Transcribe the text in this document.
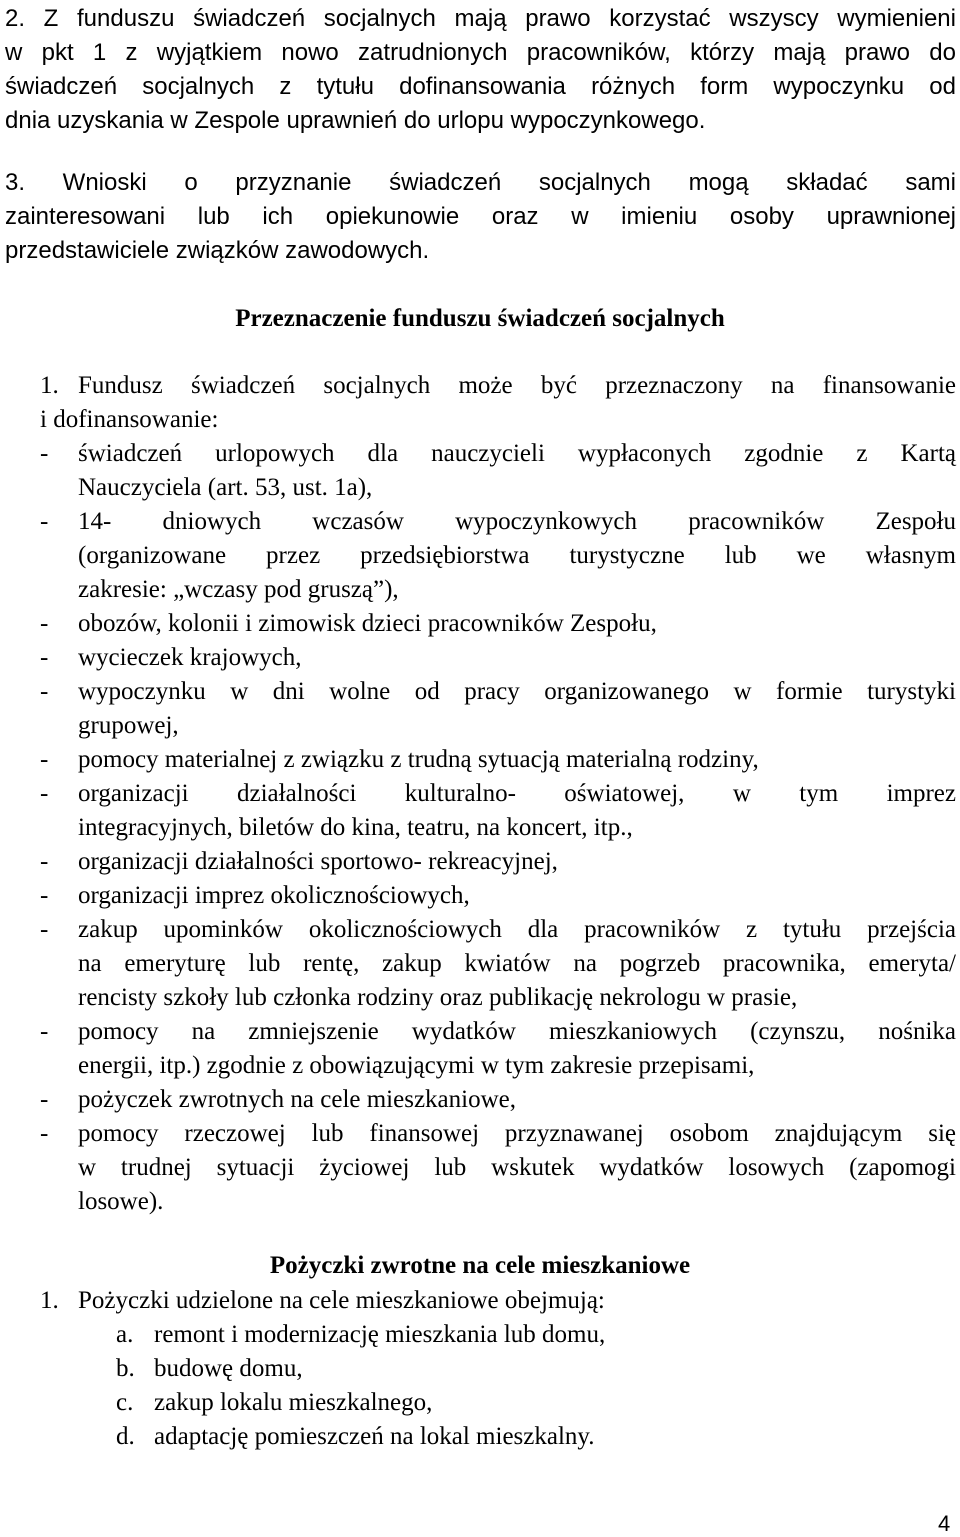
2. Z funduszu świadczeń socjalnych mają prawo korzystać wszyscy wymienieni

w pkt 1 z wyjątkiem nowo zatrudnionych pracowników, którzy mają prawo do

świadczeń socjalnych z tytułu dofinansowania różnych form wypoczynku od

dnia uzyskania w Zespole uprawnień do urlopu wypoczynkowego.

3. Wnioski o przyznanie świadczeń socjalnych mogą składać sami

zainteresowani lub ich opiekunowie oraz w imieniu osoby uprawnionej

przedstawiciele związków zawodowych.

Przeznaczenie funduszu świadczeń socjalnych
1. Fundusz świadczeń socjalnych może być przeznaczony na finansowanie

i dofinansowanie:

- świadczeń urlopowych dla nauczycieli wypłaconych zgodnie z Kartą

Nauczyciela (art. 53, ust. 1a),

- 14- dniowych wczasów wypoczynkowych pracowników Zespołu

(organizowane przez przedsiębiorstwa turystyczne lub we własnym

zakresie: „wczasy pod gruszą”),

- obozów, kolonii i zimowisk dzieci pracowników Zespołu,

- wycieczek krajowych,

- wypoczynku w dni wolne od pracy organizowanego w formie turystyki

grupowej,

- pomocy materialnej z związku z trudną sytuacją materialną rodziny,

- organizacji działalności kulturalno- oświatowej, w tym imprez

integracyjnych, biletów do kina, teatru, na koncert, itp.,

- organizacji działalności sportowo- rekreacyjnej,

- organizacji imprez okolicznościowych,

- zakup upominków okolicznościowych dla pracowników z tytułu przejścia

na emeryturę lub rentę, zakup kwiatów na pogrzeb pracownika, emeryta/

rencisty szkoły lub członka rodziny oraz publikację nekrologu w prasie,

- pomocy na zmniejszenie wydatków mieszkaniowych (czynszu, nośnika

energii, itp.) zgodnie z obowiązującymi w tym zakresie przepisami,

- pożyczek zwrotnych na cele mieszkaniowe,

- pomocy rzeczowej lub finansowej przyznawanej osobom znajdującym się

w trudnej sytuacji życiowej lub wskutek wydatków losowych (zapomogi

losowe).

Pożyczki zwrotne na cele mieszkaniowe
1. Pożyczki udzielone na cele mieszkaniowe obejmują:

a. remont i modernizację mieszkania lub domu,

b. budowę domu,

c. zakup lokalu mieszkalnego,

d. adaptację pomieszczeń na lokal mieszkalny.

4
